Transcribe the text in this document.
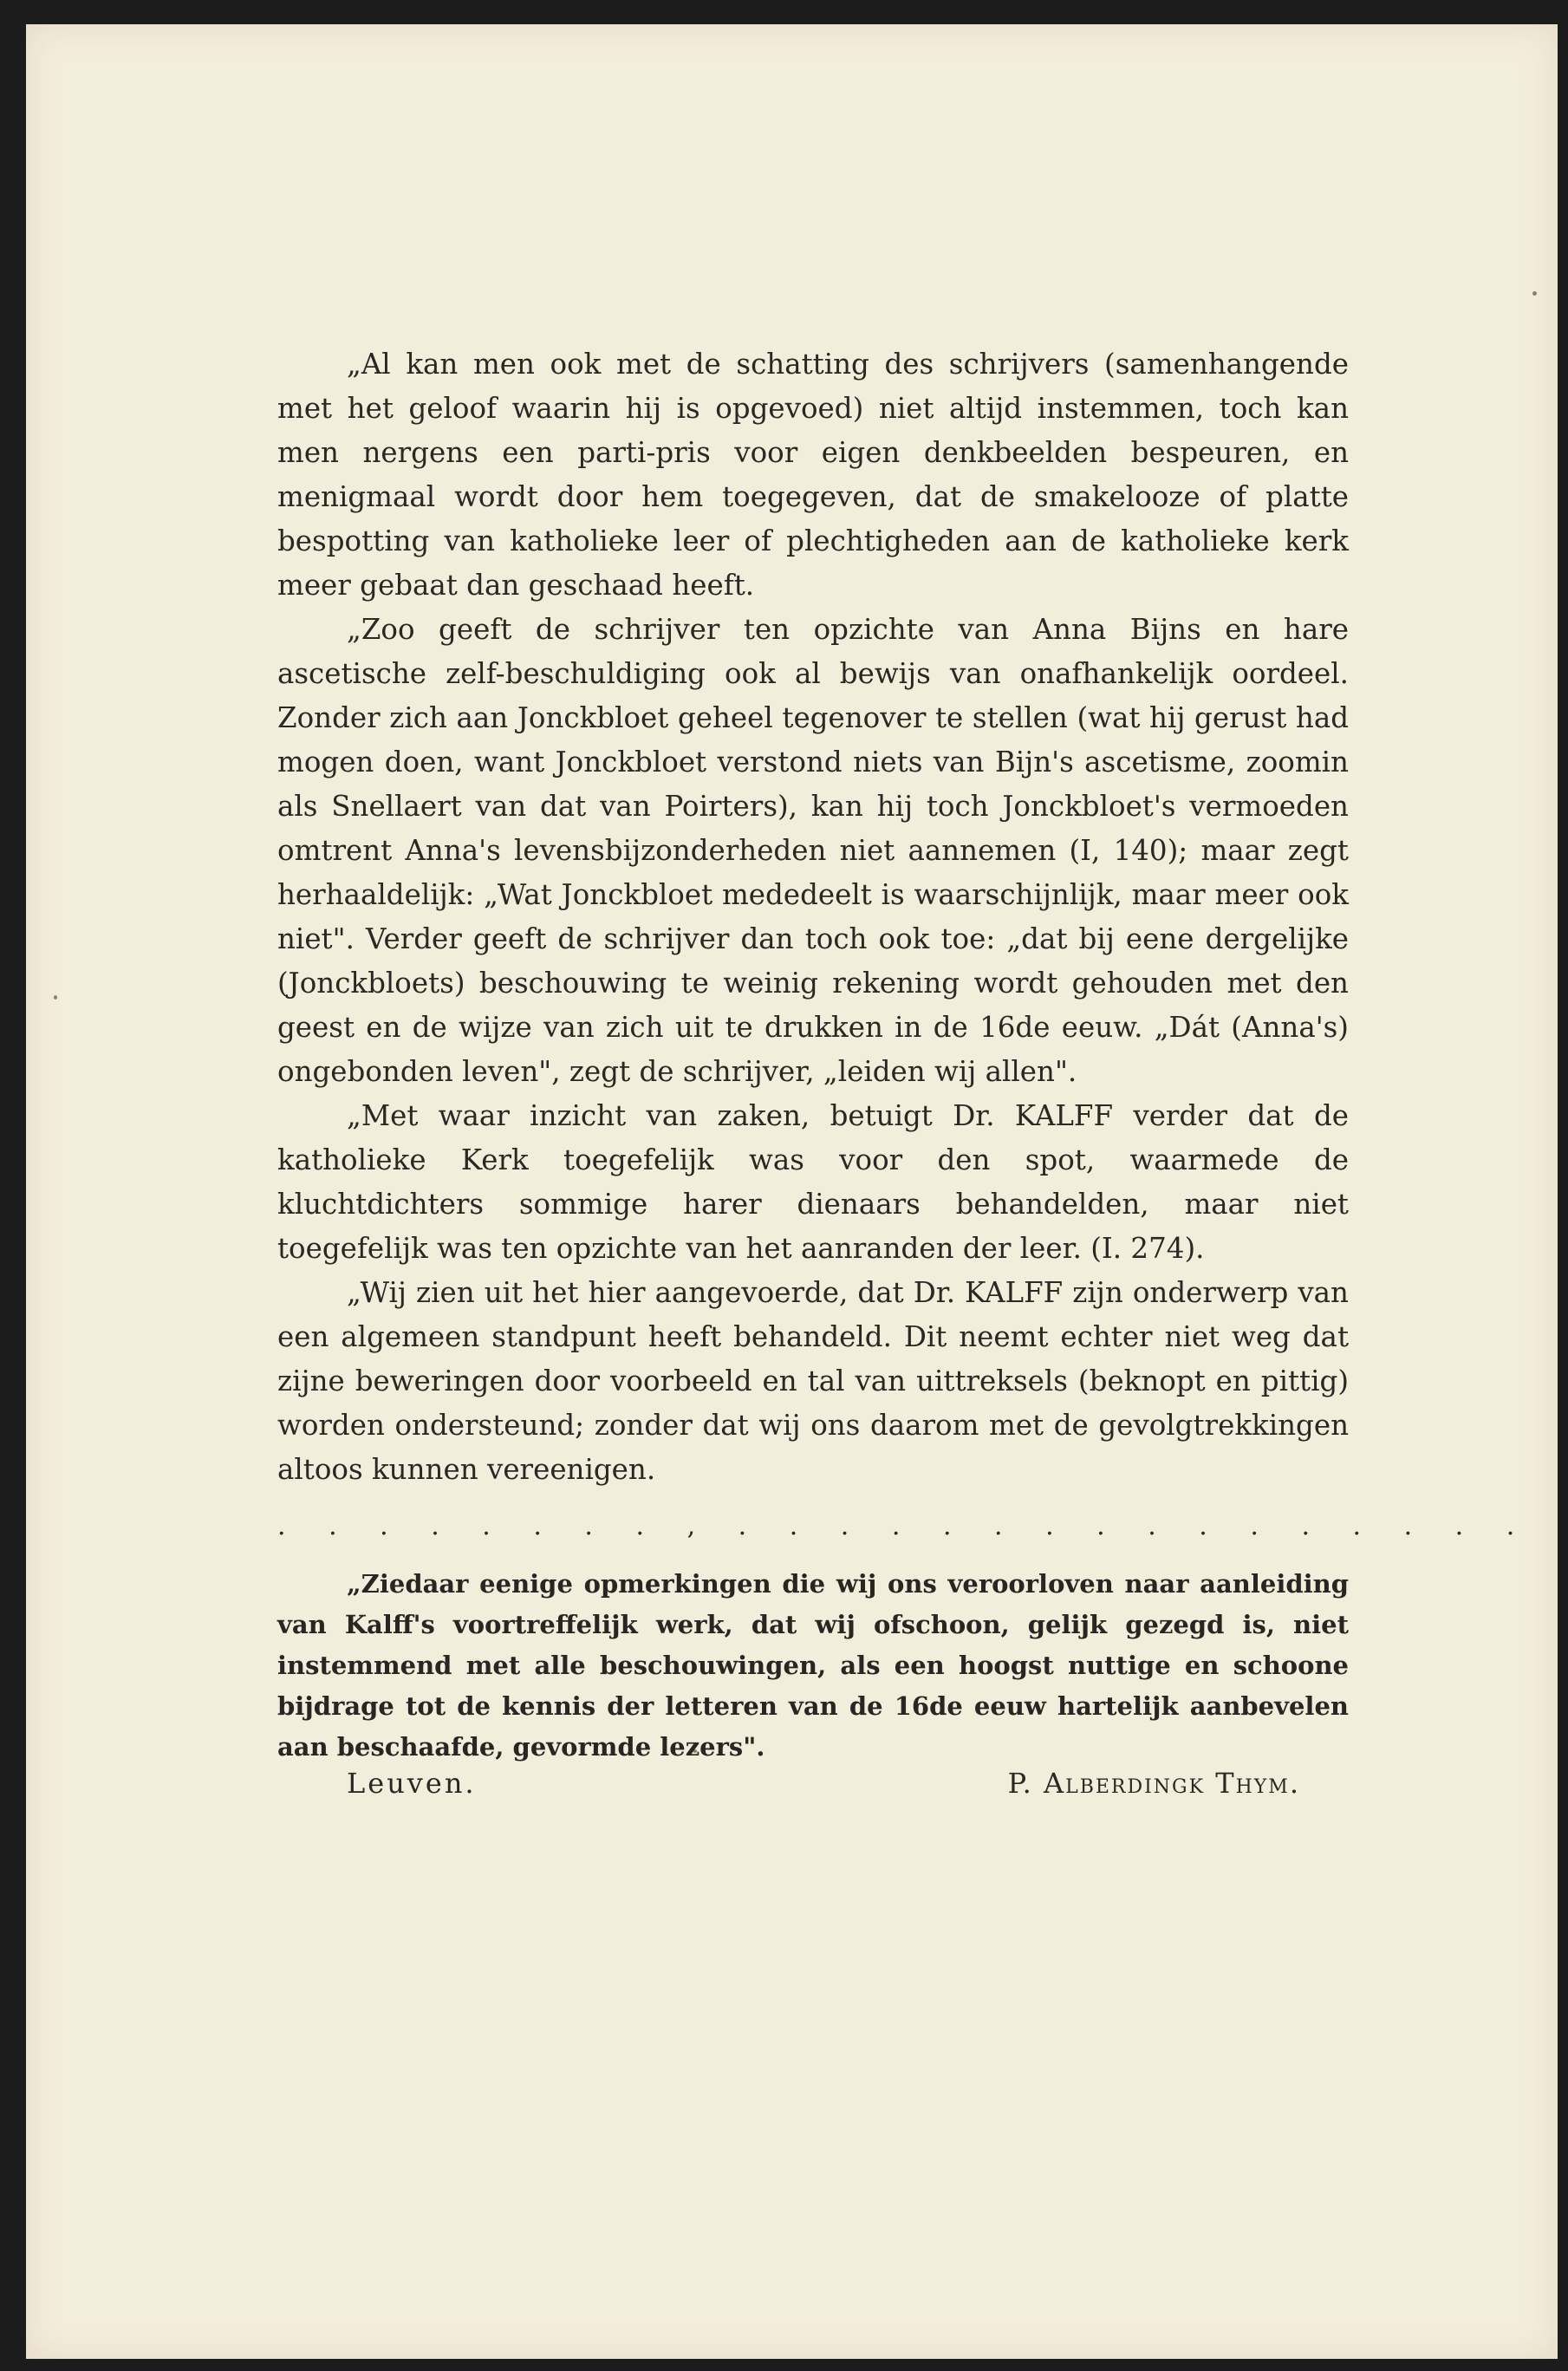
„Al kan men ook met de schatting des schrijvers (samenhangende met het geloof waarin hij is opgevoed) niet altijd instemmen, toch kan men nergens een parti-pris voor eigen denkbeelden bespeuren, en menigmaal wordt door hem toegegeven, dat de smakelooze of platte bespotting van katholieke leer of plechtigheden aan de katholieke kerk meer gebaat dan geschaad heeft.

„Zoo geeft de schrijver ten opzichte van Anna Bijns en hare ascetische zelf-beschuldiging ook al bewijs van onafhankelijk oordeel. Zonder zich aan Jonckbloet geheel tegenover te stellen (wat hij gerust had mogen doen, want Jonckbloet verstond niets van Bijn's ascetisme, zoomin als Snellaert van dat van Poirters), kan hij toch Jonckbloet's vermoeden omtrent Anna's levensbijzonderheden niet aannemen (I, 140); maar zegt herhaaldelijk: „Wat Jonckbloet mededeelt is waarschijnlijk, maar meer ook niet". Verder geeft de schrijver dan toch ook toe: „dat bij eene dergelijke (Jonckbloets) beschouwing te weinig rekening wordt gehouden met den geest en de wijze van zich uit te drukken in de 16de eeuw. „Dát (Anna's) ongebonden leven", zegt de schrijver, „leiden wij allen".

„Met waar inzicht van zaken, betuigt Dr. KALFF verder dat de katholieke Kerk toegefelijk was voor den spot, waarmede de kluchtdichters sommige harer dienaars behandelden, maar niet toegefelijk was ten opzichte van het aanranden der leer. (I. 274).

„Wij zien uit het hier aangevoerde, dat Dr. KALFF zijn onderwerp van een algemeen standpunt heeft behandeld. Dit neemt echter niet weg dat zijne beweringen door voorbeeld en tal van uittreksels (beknopt en pittig) worden ondersteund; zonder dat wij ons daarom met de gevolgtrekkingen altoos kunnen vereenigen.

. . . . . . . . , . . . . . . . . . . . . . . . .

„Ziedaar eenige opmerkingen die wij ons veroorloven naar aanleiding van Kalff's voortreffelijk werk, dat wij ofschoon, gelijk gezegd is, niet instemmend met alle beschouwingen, als een hoogst nuttige en schoone bijdrage tot de kennis der letteren van de 16de eeuw hartelijk aanbevelen aan beschaafde, gevormde lezers".

Leuven.	P. Alberdingk Thym.
